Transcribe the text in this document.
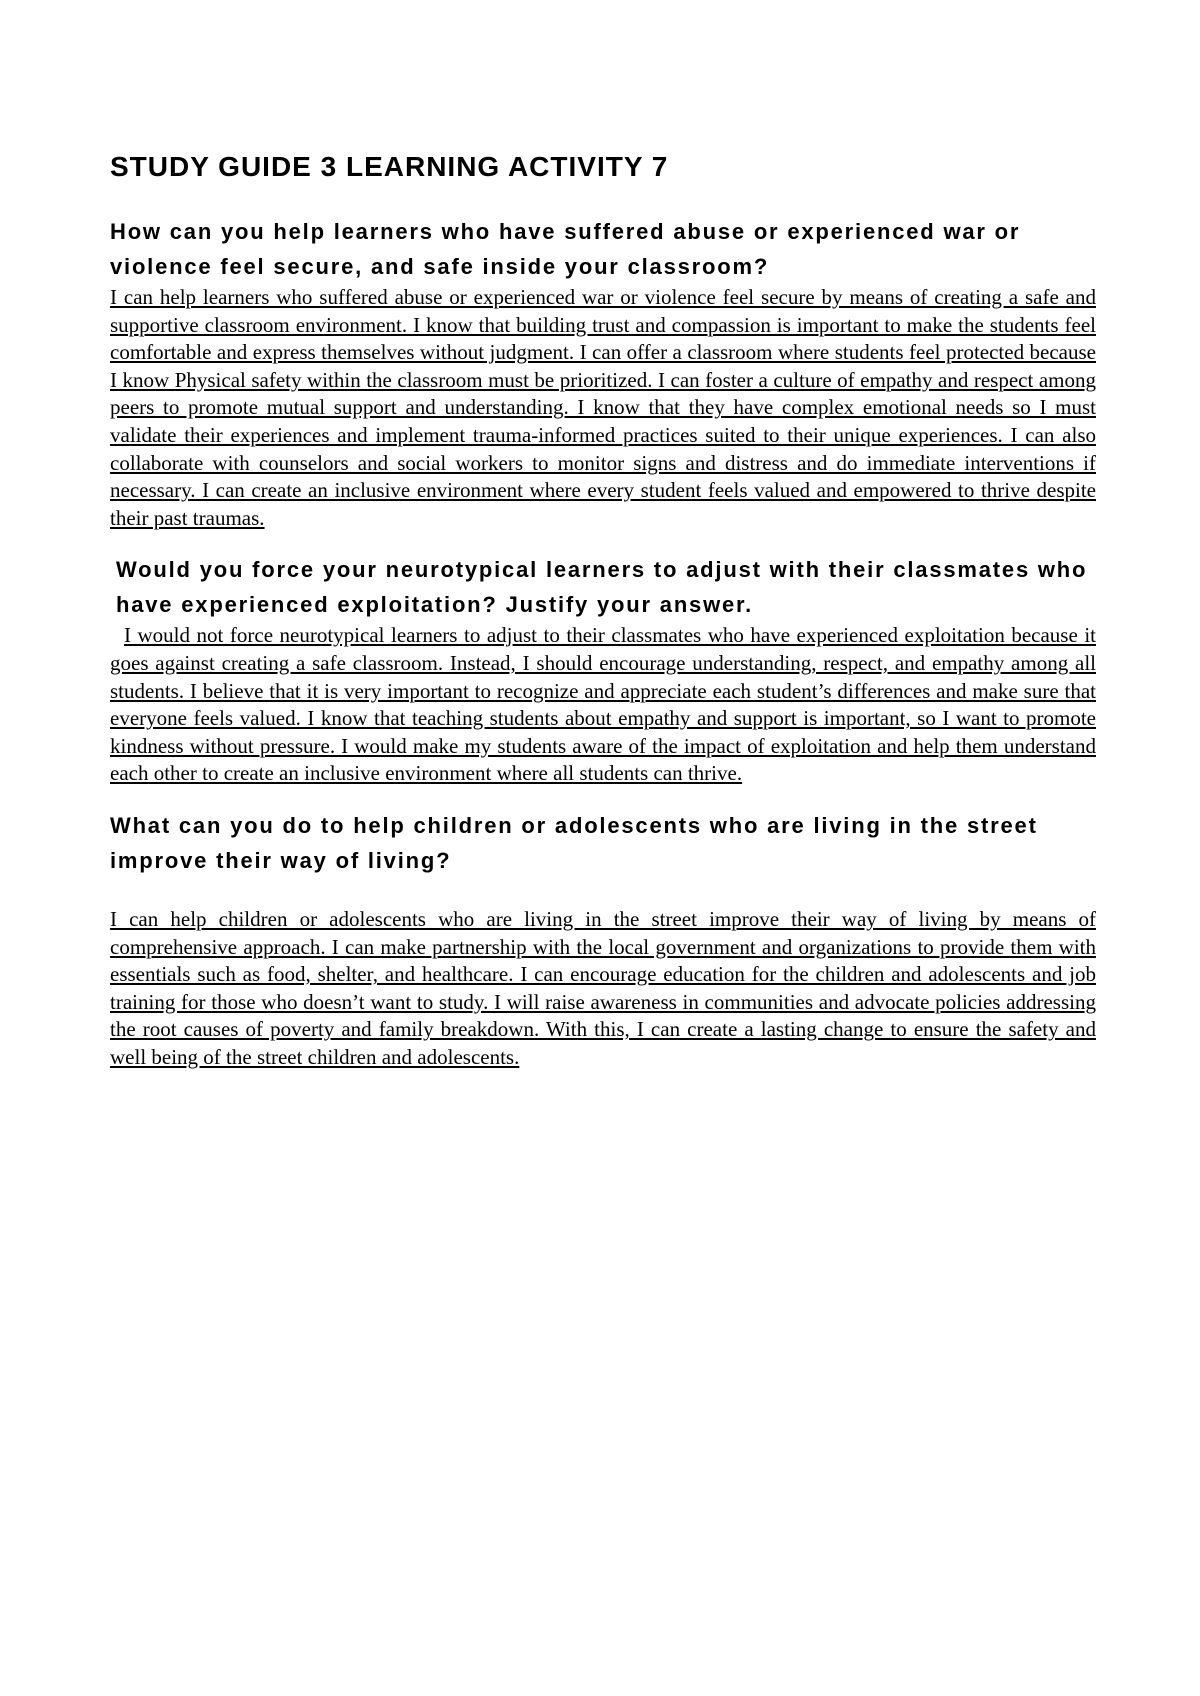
STUDY GUIDE 3 LEARNING ACTIVITY 7

How can you help learners who have suffered abuse or experienced war or violence feel secure, and safe inside your classroom?

I can help learners who suffered abuse or experienced war or violence feel secure by means of creating a safe and supportive classroom environment. I know that building trust and compassion is important to make the students feel comfortable and express themselves without judgment. I can offer a classroom where students feel protected because I know Physical safety within the classroom must be prioritized. I can foster a culture of empathy and respect among peers to promote mutual support and understanding. I know that they have complex emotional needs so I must validate their experiences and implement trauma-informed practices suited to their unique experiences. I can also collaborate with counselors and social workers to monitor signs and distress and do immediate interventions if necessary. I can create an inclusive environment where every student feels valued and empowered to thrive despite their past traumas.

Would you force your neurotypical learners to adjust with their classmates who have experienced exploitation? Justify your answer.

I would not force neurotypical learners to adjust to their classmates who have experienced exploitation because it goes against creating a safe classroom. Instead, I should encourage understanding, respect, and empathy among all students. I believe that it is very important to recognize and appreciate each student’s differences and make sure that everyone feels valued. I know that teaching students about empathy and support is important, so I want to promote kindness without pressure. I would make my students aware of the impact of exploitation and help them understand each other to create an inclusive environment where all students can thrive.

What can you do to help children or adolescents who are living in the street improve their way of living?

I can help children or adolescents who are living in the street improve their way of living by means of comprehensive approach. I can make partnership with the local government and organizations to provide them with essentials such as food, shelter, and healthcare. I can encourage education for the children and adolescents and job training for those who doesn’t want to study. I will raise awareness in communities and advocate policies addressing the root causes of poverty and family breakdown. With this, I can create a lasting change to ensure the safety and well being of the street children and adolescents.
